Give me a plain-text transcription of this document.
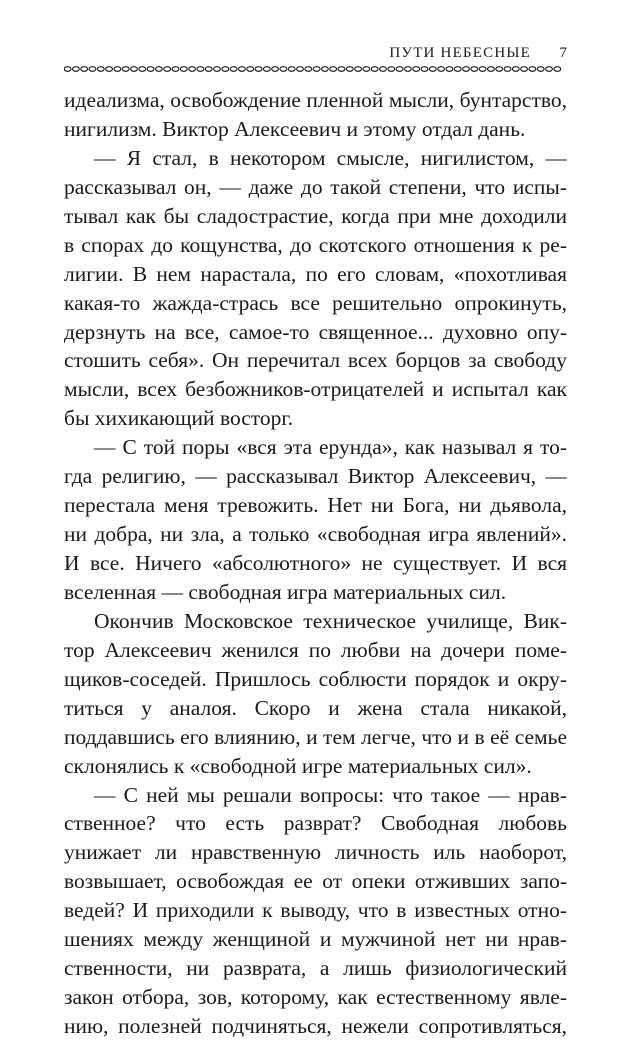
ПУТИ НЕБЕСНЫЕ 7
идеализма, освобождение пленной мысли, бунтарство,
нигилизм. Виктор Алексеевич и этому отдал дань.
— Я стал, в некотором смысле, нигилистом, —
рассказывал он, — даже до такой степени, что испы-
тывал как бы сладострастие, когда при мне доходили
в спорах до кощунства, до скотского отношения к ре-
лигии. В нем нарастала, по его словам, «похотливая
какая-то жажда-стрась все решительно опрокинуть,
дерзнуть на все, самое-то священное... духовно опу-
стошить себя». Он перечитал всех борцов за свободу
мысли, всех безбожников-отрицателей и испытал как
бы хихикающий восторг.
— С той поры «вся эта ерунда», как называл я то-
гда религию, — рассказывал Виктор Алексеевич, —
перестала меня тревожить. Нет ни Бога, ни дьявола,
ни добра, ни зла, а только «свободная игра явлений».
И все. Ничего «абсолютного» не существует. И вся
вселенная — свободная игра материальных сил.
Окончив Московское техническое училище, Вик-
тор Алексеевич женился по любви на дочери поме-
щиков-соседей. Пришлось соблюсти порядок и окру-
титься у аналоя. Скоро и жена стала никакой,
поддавшись его влиянию, и тем легче, что и в её семье
склонялись к «свободной игре материальных сил».
— С ней мы решали вопросы: что такое — нрав-
ственное? что есть разврат? Свободная любовь
унижает ли нравственную личность иль наоборот,
возвышает, освобождая ее от опеки отживших запо-
ведей? И приходили к выводу, что в известных отно-
шениях между женщиной и мужчиной нет ни нрав-
ственности, ни разврата, а лишь физиологический
закон отбора, зов, которому, как естественному явле-
нию, полезней подчиняться, нежели сопротивляться,
